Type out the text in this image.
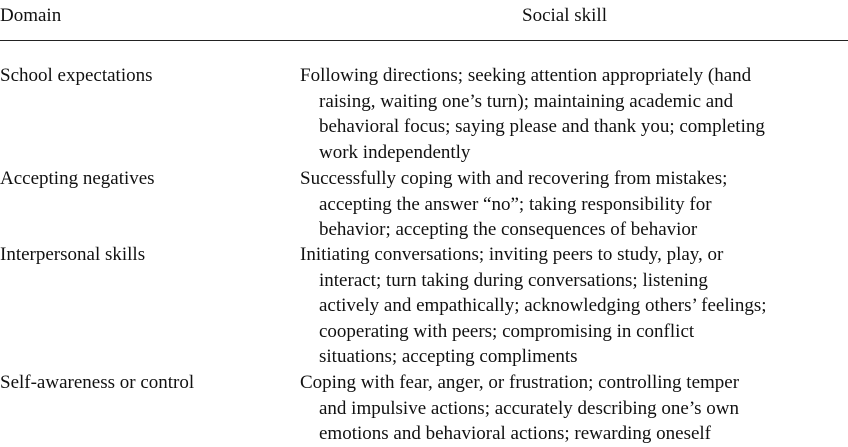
Domain	Social skill
School expectations	Following directions; seeking attention appropriately (hand
raising, waiting one’s turn); maintaining academic and
behavioral focus; saying please and thank you; completing
work independently
Accepting negatives	Successfully coping with and recovering from mistakes;
accepting the answer “no”; taking responsibility for
behavior; accepting the consequences of behavior
Interpersonal skills	Initiating conversations; inviting peers to study, play, or
interact; turn taking during conversations; listening
actively and empathically; acknowledging others’ feelings;
cooperating with peers; compromising in conflict
situations; accepting compliments
Self-awareness or control	Coping with fear, anger, or frustration; controlling temper
and impulsive actions; accurately describing one’s own
emotions and behavioral actions; rewarding oneself
